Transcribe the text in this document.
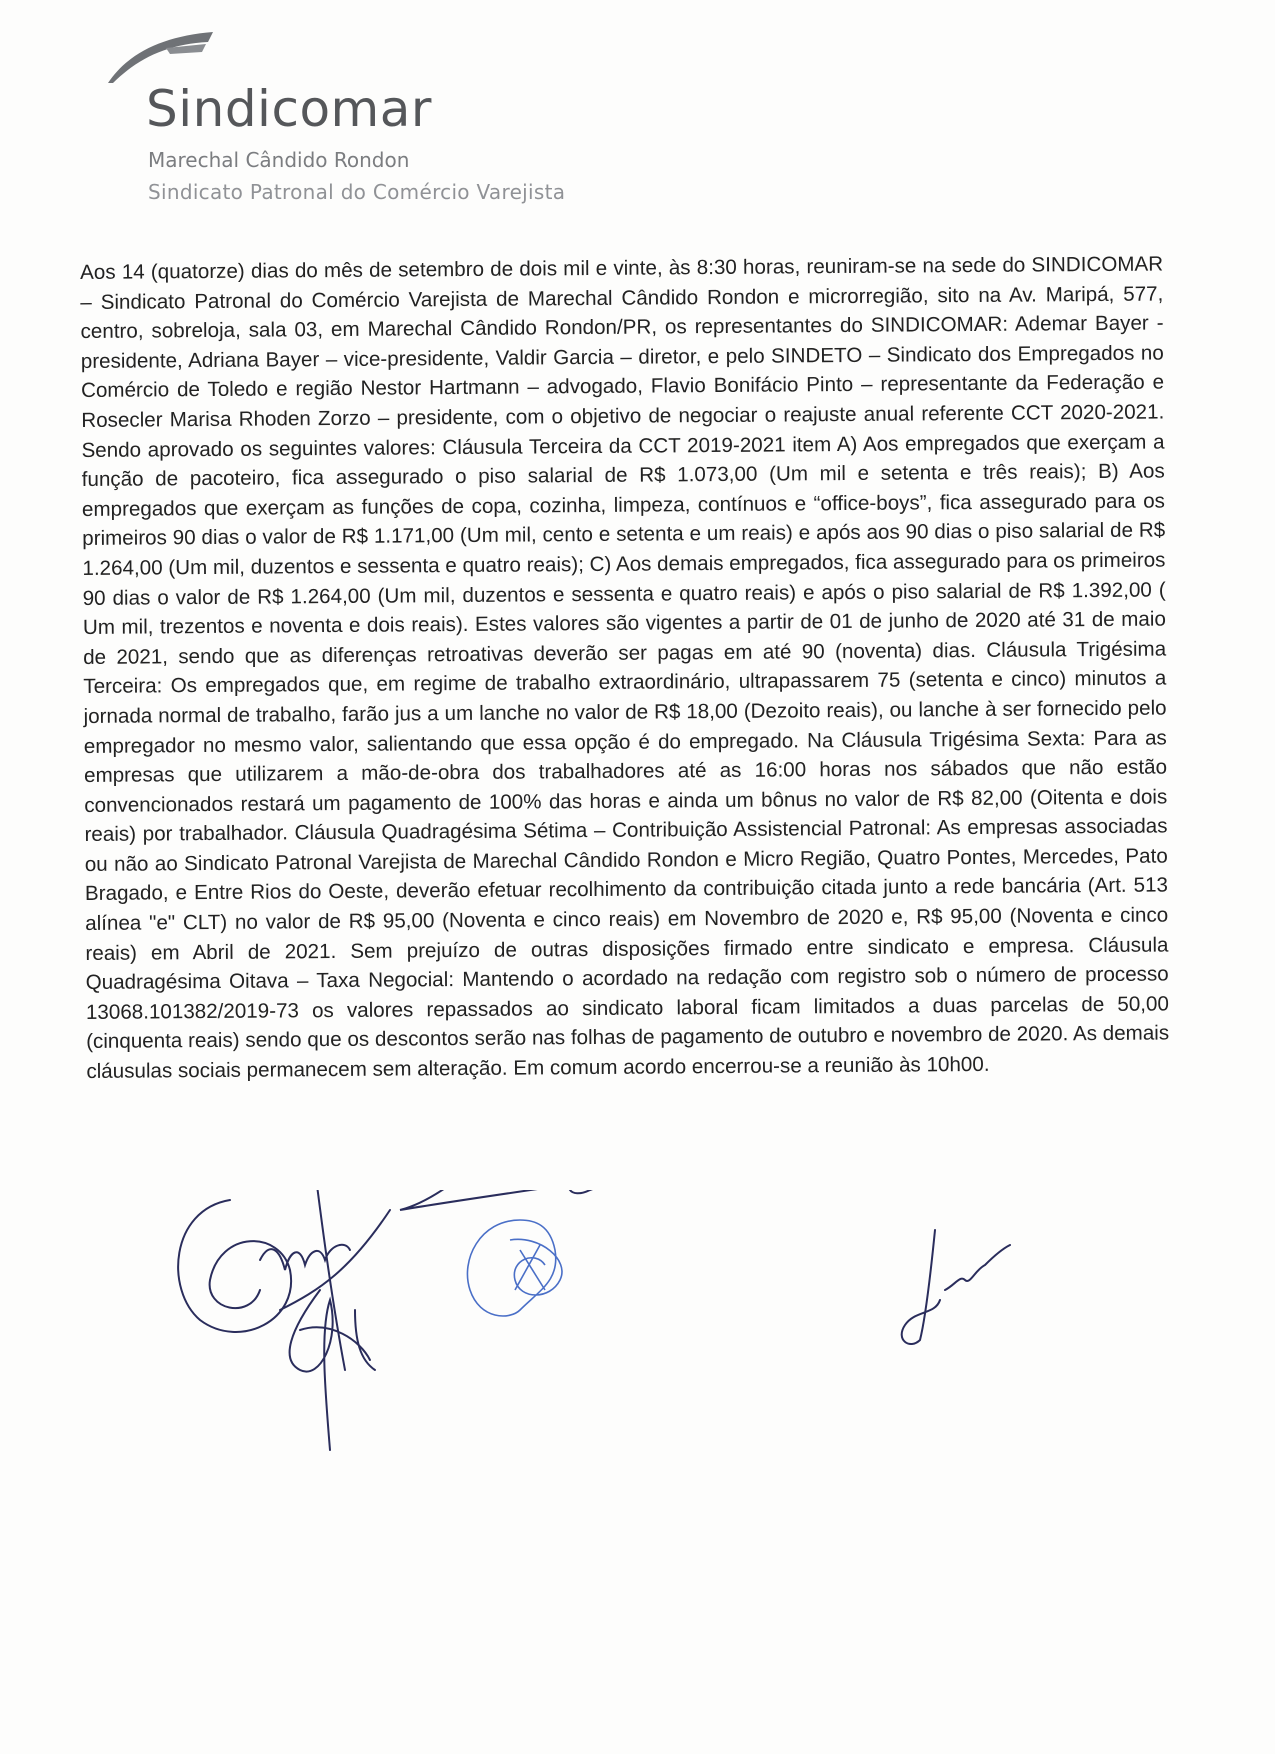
Sindicomar
Marechal Cândido Rondon
Sindicato Patronal do Comércio Varejista

Aos 14 (quatorze) dias do mês de setembro de dois mil e vinte, às 8:30 horas, reuniram-se na sede do SINDICOMAR – Sindicato Patronal do Comércio Varejista de Marechal Cândido Rondon e microrregião, sito na Av. Maripá, 577, centro, sobreloja, sala 03, em Marechal Cândido Rondon/PR, os representantes do SINDICOMAR: Ademar Bayer - presidente, Adriana Bayer – vice-presidente, Valdir Garcia – diretor, e pelo SINDETO – Sindicato dos Empregados no Comércio de Toledo e região Nestor Hartmann – advogado, Flavio Bonifácio Pinto – representante da Federação e Rosecler Marisa Rhoden Zorzo – presidente, com o objetivo de negociar o reajuste anual referente CCT 2020-2021. Sendo aprovado os seguintes valores: Cláusula Terceira da CCT 2019-2021 item A) Aos empregados que exerçam a função de pacoteiro, fica assegurado o piso salarial de R$ 1.073,00 (Um mil e setenta e três reais); B) Aos empregados que exerçam as funções de copa, cozinha, limpeza, contínuos e “office-boys”, fica assegurado para os primeiros 90 dias o valor de R$ 1.171,00 (Um mil, cento e setenta e um reais) e após aos 90 dias o piso salarial de R$ 1.264,00 (Um mil, duzentos e sessenta e quatro reais); C) Aos demais empregados, fica assegurado para os primeiros 90 dias o valor de R$ 1.264,00 (Um mil, duzentos e sessenta e quatro reais) e após o piso salarial de R$ 1.392,00 ( Um mil, trezentos e noventa e dois reais). Estes valores são vigentes a partir de 01 de junho de 2020 até 31 de maio de 2021, sendo que as diferenças retroativas deverão ser pagas em até 90 (noventa) dias. Cláusula Trigésima Terceira: Os empregados que, em regime de trabalho extraordinário, ultrapassarem 75 (setenta e cinco) minutos a jornada normal de trabalho, farão jus a um lanche no valor de R$ 18,00 (Dezoito reais), ou lanche à ser fornecido pelo empregador no mesmo valor, salientando que essa opção é do empregado. Na Cláusula Trigésima Sexta: Para as empresas que utilizarem a mão-de-obra dos trabalhadores até as 16:00 horas nos sábados que não estão convencionados restará um pagamento de 100% das horas e ainda um bônus no valor de R$ 82,00 (Oitenta e dois reais) por trabalhador. Cláusula Quadragésima Sétima – Contribuição Assistencial Patronal: As empresas associadas ou não ao Sindicato Patronal Varejista de Marechal Cândido Rondon e Micro Região, Quatro Pontes, Mercedes, Pato Bragado, e Entre Rios do Oeste, deverão efetuar recolhimento da contribuição citada junto a rede bancária (Art. 513 alínea "e" CLT) no valor de R$ 95,00 (Noventa e cinco reais) em Novembro de 2020 e, R$ 95,00 (Noventa e cinco reais) em Abril de 2021. Sem prejuízo de outras disposições firmado entre sindicato e empresa. Cláusula Quadragésima Oitava – Taxa Negocial: Mantendo o acordado na redação com registro sob o número de processo 13068.101382/2019-73 os valores repassados ao sindicato laboral ficam limitados a duas parcelas de 50,00 (cinquenta reais) sendo que os descontos serão nas folhas de pagamento de outubro e novembro de 2020. As demais cláusulas sociais permanecem sem alteração. Em comum acordo encerrou-se a reunião às 10h00.
